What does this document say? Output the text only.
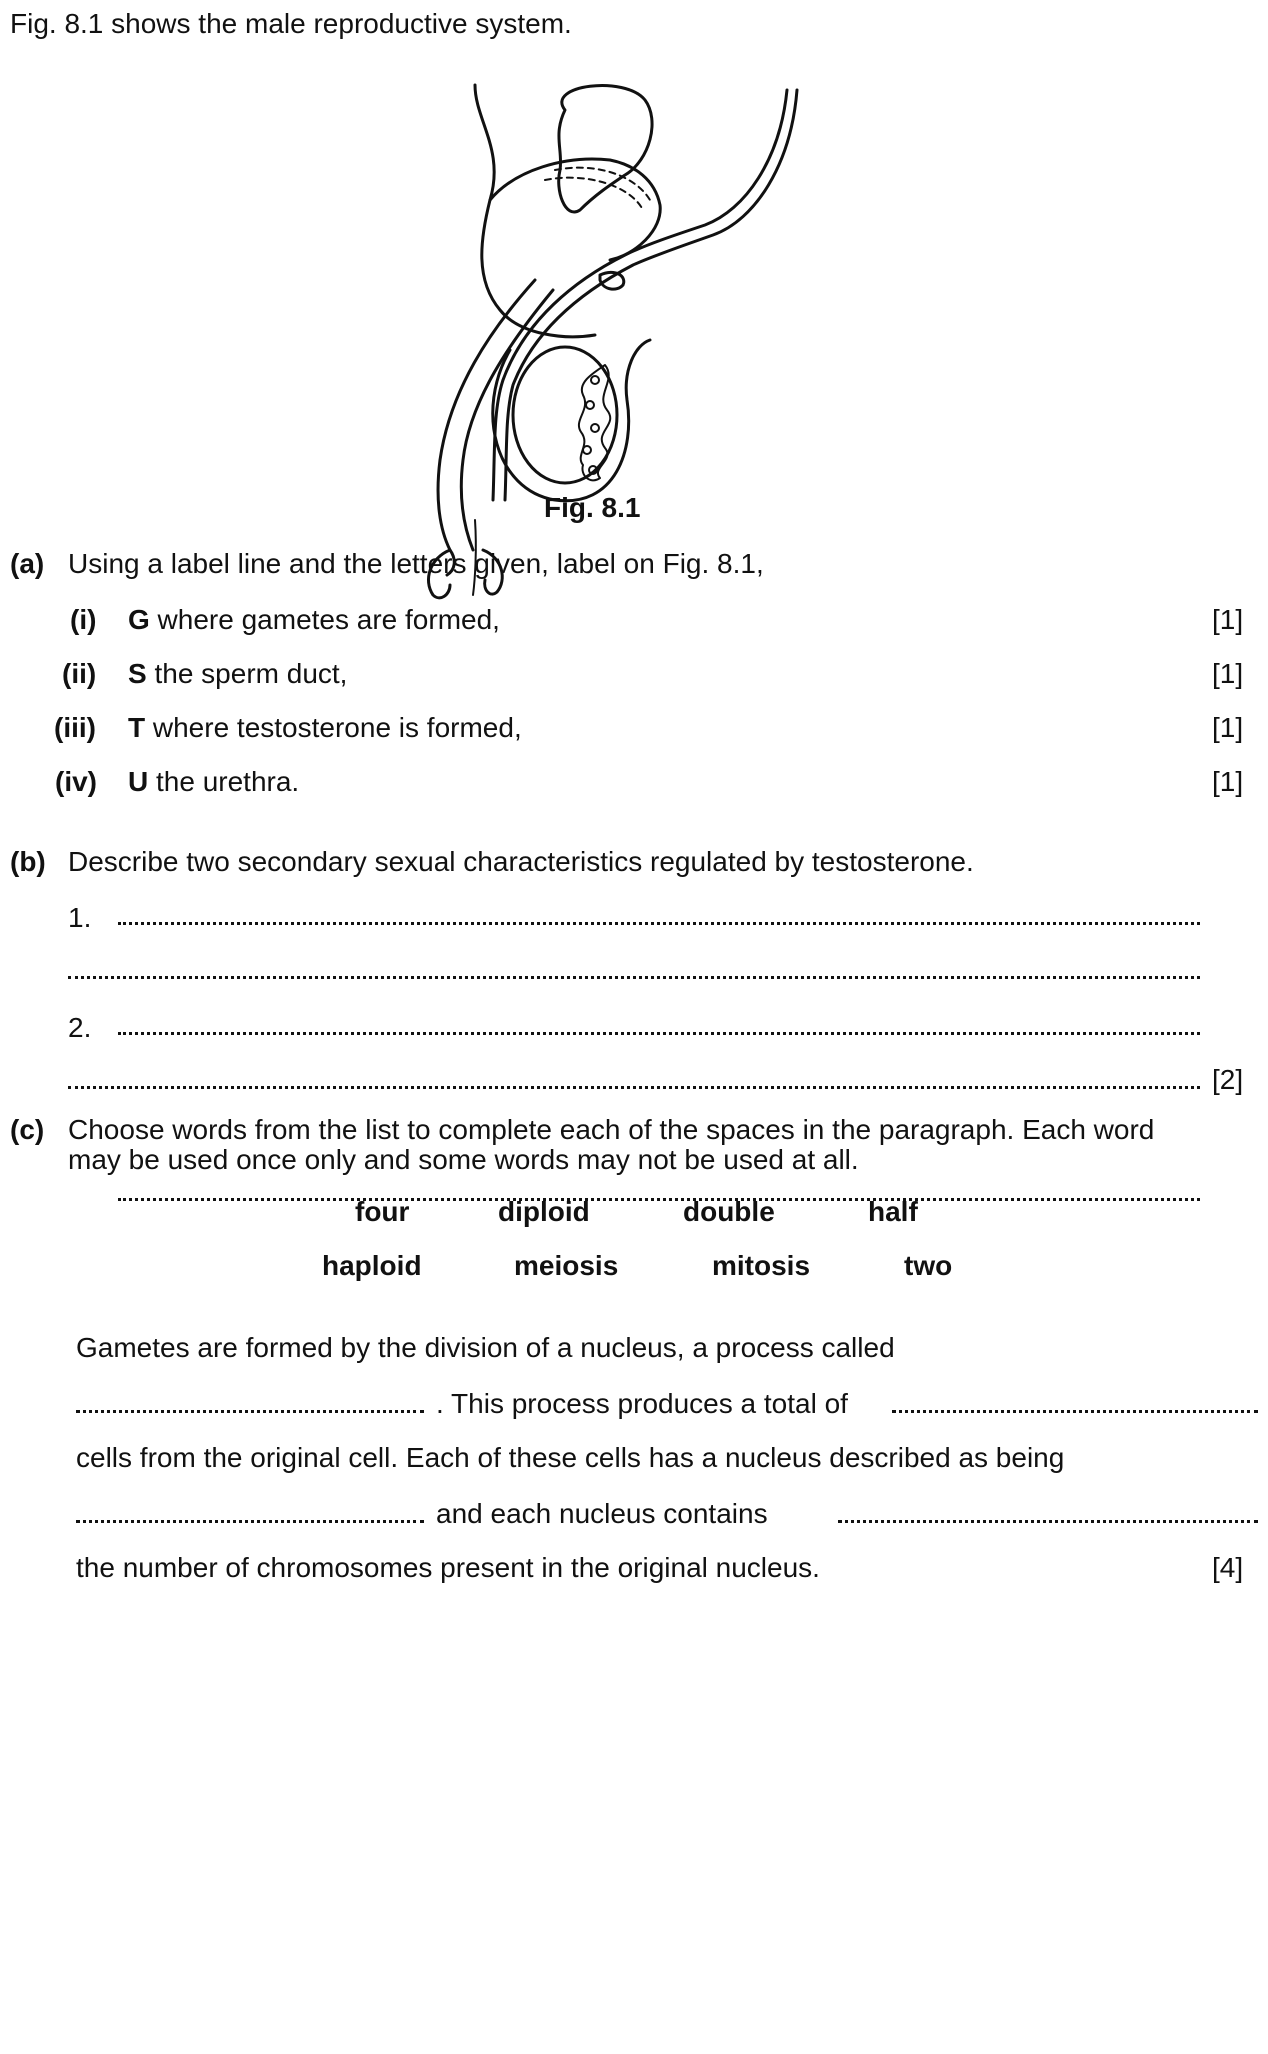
Fig. 8.1 shows the male reproductive system.
Fig. 8.1
(a) Using a label line and the letters given, label on Fig. 8.1,
(i) G where gametes are formed,	[1]
(ii) S the sperm duct,	[1]
(iii) T where testosterone is formed,	[1]
(iv) U the urethra.	[1]
(b) Describe two secondary sexual characteristics regulated by testosterone.
1.
2.
[2]
(c) Choose words from the list to complete each of the spaces in the paragraph. Each word
may be used once only and some words may not be used at all.
four	diploid	double	half
haploid	meiosis	mitosis	two
Gametes are formed by the division of a nucleus, a process called
. This process produces a total of
cells from the original cell. Each of these cells has a nucleus described as being
and each nucleus contains
the number of chromosomes present in the original nucleus.	[4]
